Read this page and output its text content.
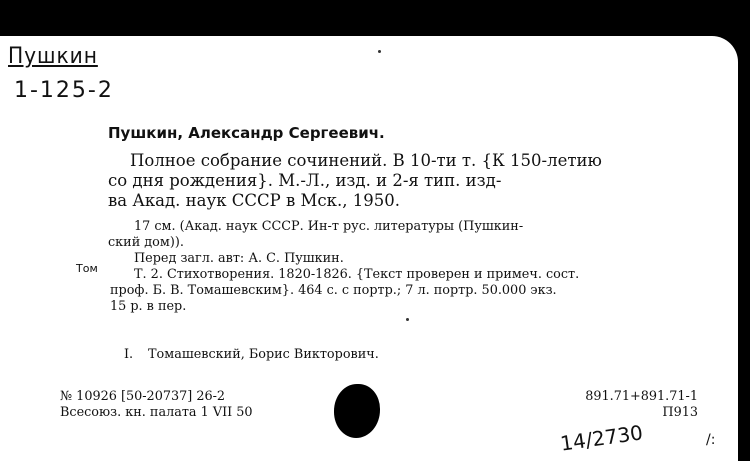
Пушкин
1-125-2
Пушкин, Александр Сергеевич.
Полное собрание сочинений. В 10-ти т. {К 150-летию
со дня рождения}. М.-Л., изд. и 2-я тип. изд-
ва Акад. наук СССР в Мск., 1950.
17 см. (Акад. наук СССР. Ин-т рус. литературы (Пушкин-
ский дом)).
Перед загл. авт: А. С. Пушкин.
Том	Т. 2. Стихотворения. 1820-1826. {Текст проверен и примеч. сост.
проф. Б. В. Томашевским}. 464 с. с портр.; 7 л. портр. 50.000 экз.
15 р. в пер.
I. Томашевский, Борис Викторович.
№ 10926 [50-20737] 26-2
Всесоюз. кн. палата 1 VII 50
891.71+891.71-1
П913
14/2730	/:
